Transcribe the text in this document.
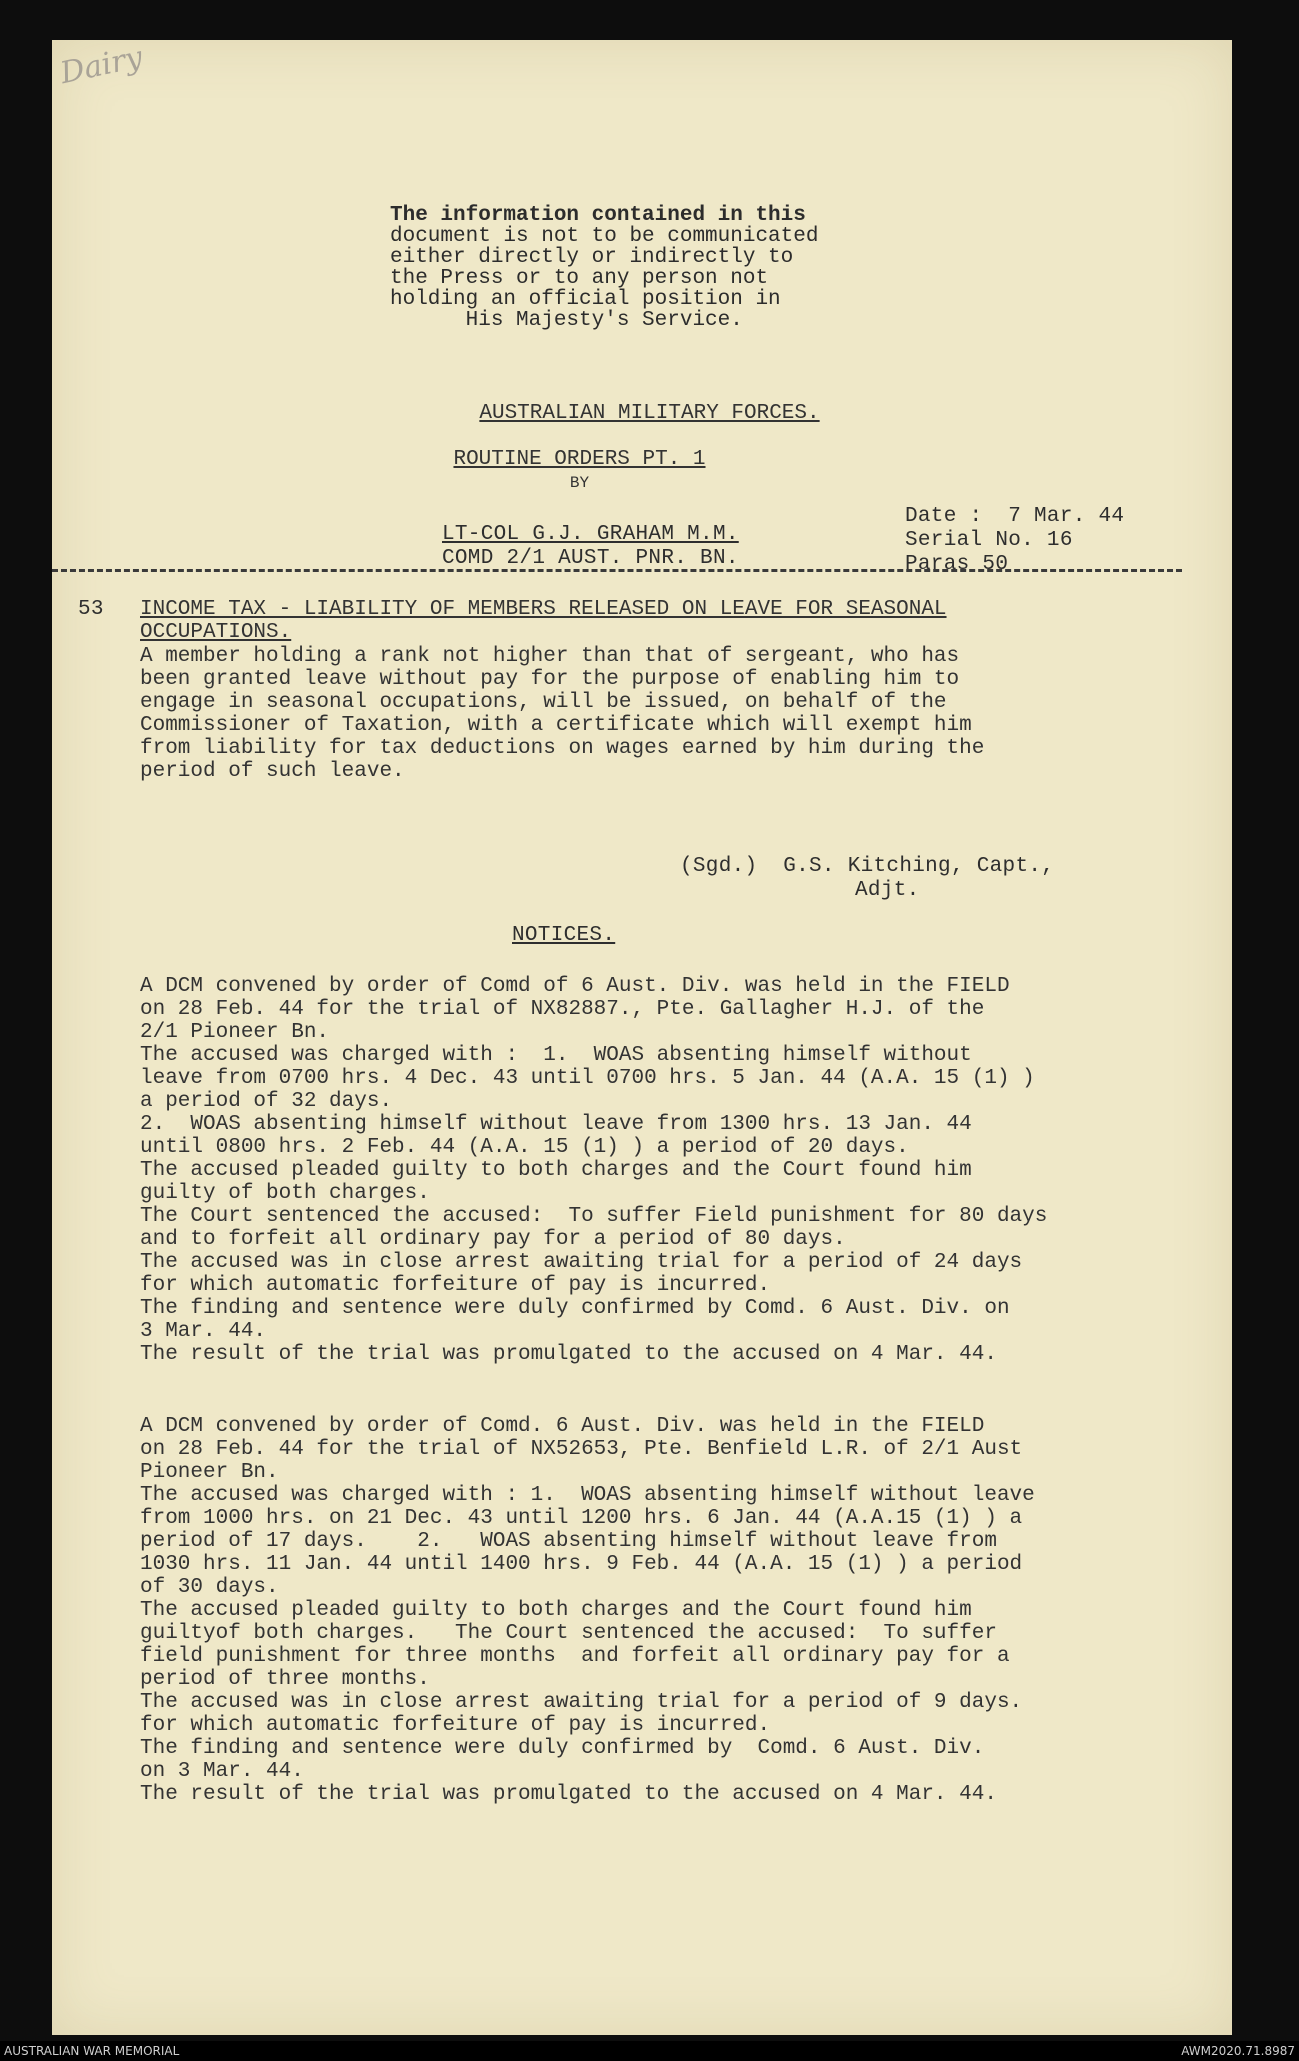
Dairy
The information contained in this
document is not to be communicated
either directly or indirectly to
the Press or to any person not
holding an official position in
His Majesty's Service.
AUSTRALIAN MILITARY FORCES.
ROUTINE ORDERS PT. 1
BY
LT-COL G.J. GRAHAM M.M.
COMD 2/1 AUST. PNR. BN.
Date :  7 Mar. 44
Serial No. 16
Paras 50
53 INCOME TAX - LIABILITY OF MEMBERS RELEASED ON LEAVE FOR SEASONAL
OCCUPATIONS.
A member holding a rank not higher than that of sergeant, who has
been granted leave without pay for the purpose of enabling him to
engage in seasonal occupations, will be issued, on behalf of the
Commissioner of Taxation, with a certificate which will exempt him
from liability for tax deductions on wages earned by him during the
period of such leave.
(Sgd.)  G.S. Kitching, Capt.,
Adjt.
NOTICES.
A DCM convened by order of Comd of 6 Aust. Div. was held in the FIELD
on 28 Feb. 44 for the trial of NX82887., Pte. Gallagher H.J. of the
2/1 Pioneer Bn.
The accused was charged with :  1.  WOAS absenting himself without
leave from 0700 hrs. 4 Dec. 43 until 0700 hrs. 5 Jan. 44 (A.A. 15 (1) )
a period of 32 days.
2.  WOAS absenting himself without leave from 1300 hrs. 13 Jan. 44
until 0800 hrs. 2 Feb. 44 (A.A. 15 (1) ) a period of 20 days.
The accused pleaded guilty to both charges and the Court found him
guilty of both charges.
The Court sentenced the accused:  To suffer Field punishment for 80 days
and to forfeit all ordinary pay for a period of 80 days.
The accused was in close arrest awaiting trial for a period of 24 days
for which automatic forfeiture of pay is incurred.
The finding and sentence were duly confirmed by Comd. 6 Aust. Div. on
3 Mar. 44.
The result of the trial was promulgated to the accused on 4 Mar. 44.
A DCM convened by order of Comd. 6 Aust. Div. was held in the FIELD
on 28 Feb. 44 for the trial of NX52653, Pte. Benfield L.R. of 2/1 Aust
Pioneer Bn.
The accused was charged with : 1.  WOAS absenting himself without leave
from 1000 hrs. on 21 Dec. 43 until 1200 hrs. 6 Jan. 44 (A.A.15 (1) ) a
period of 17 days.    2.   WOAS absenting himself without leave from
1030 hrs. 11 Jan. 44 until 1400 hrs. 9 Feb. 44 (A.A. 15 (1) ) a period
of 30 days.
The accused pleaded guilty to both charges and the Court found him
guiltyof both charges.   The Court sentenced the accused:  To suffer
field punishment for three months  and forfeit all ordinary pay for a
period of three months.
The accused was in close arrest awaiting trial for a period of 9 days.
for which automatic forfeiture of pay is incurred.
The finding and sentence were duly confirmed by  Comd. 6 Aust. Div.
on 3 Mar. 44.
The result of the trial was promulgated to the accused on 4 Mar. 44.
AUSTRALIAN WAR MEMORIAL	AWM2020.71.8987
